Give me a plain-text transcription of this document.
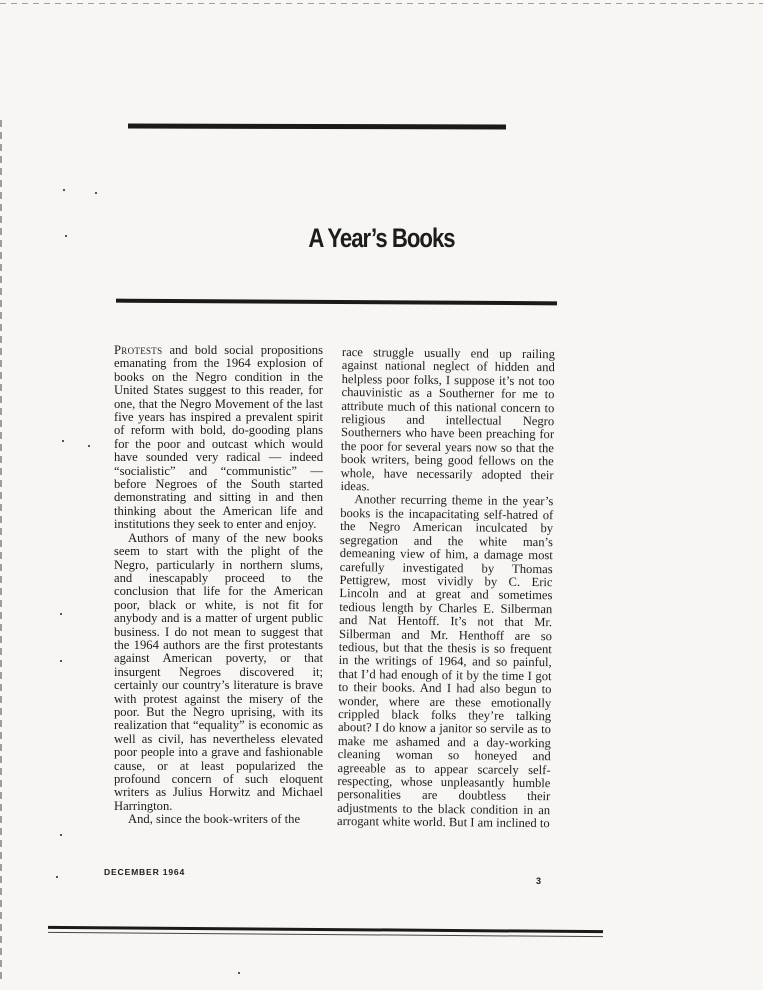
A Year’s Books

Protests and bold social propositions emanating from the 1964 explosion of books on the Negro condition in the United States suggest to this reader, for one, that the Negro Movement of the last five years has inspired a prevalent spirit of reform with bold, do-gooding plans for the poor and outcast which would have sounded very radical — indeed “socialistic” and “communistic” — before Negroes of the South started demonstrating and sitting in and then thinking about the American life and institutions they seek to enter and enjoy.

Authors of many of the new books seem to start with the plight of the Negro, particularly in northern slums, and inescapably proceed to the conclusion that life for the American poor, black or white, is not fit for anybody and is a matter of urgent public business. I do not mean to suggest that the 1964 authors are the first protestants against American poverty, or that insurgent Negroes discovered it; certainly our country’s literature is brave with protest against the misery of the poor. But the Negro uprising, with its realization that “equality” is economic as well as civil, has nevertheless elevated poor people into a grave and fashionable cause, or at least popularized the profound concern of such eloquent writers as Julius Horwitz and Michael Harrington.

And, since the book-writers of the

race struggle usually end up railing against national neglect of hidden and helpless poor folks, I suppose it’s not too chauvinistic as a Southerner for me to attribute much of this national concern to religious and intellectual Negro Southerners who have been preaching for the poor for several years now so that the book writers, being good fellows on the whole, have necessarily adopted their ideas.

Another recurring theme in the year’s books is the incapacitating self-hatred of the Negro American inculcated by segregation and the white man’s demeaning view of him, a damage most carefully investigated by Thomas Pettigrew, most vividly by C. Eric Lincoln and at great and sometimes tedious length by Charles E. Silberman and Nat Hentoff. It’s not that Mr. Silberman and Mr. Henthoff are so tedious, but that the thesis is so frequent in the writings of 1964, and so painful, that I’d had enough of it by the time I got to their books. And I had also begun to wonder, where are these emotionally crippled black folks they’re talking about? I do know a janitor so servile as to make me ashamed and a day-working cleaning woman so honeyed and agreeable as to appear scarcely self-respecting, whose unpleasantly humble personalities are doubtless their adjustments to the black condition in an arrogant white world. But I am inclined to

DECEMBER 1964

3
